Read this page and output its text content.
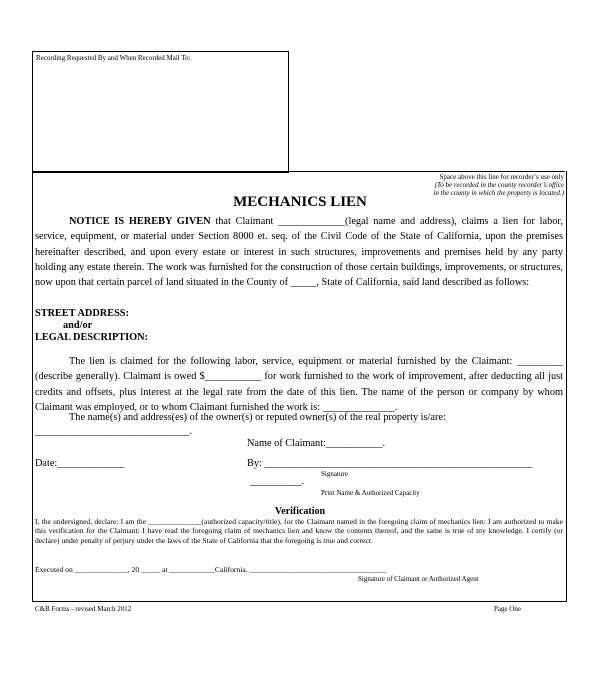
Recording Requested By and When Recorded Mail To:
Space above this line for recorder’s use only
(To be recorded in the county recorder’s office
in the county in which the property is located.)
MECHANICS LIEN
NOTICE IS HEREBY GIVEN that Claimant _____________(legal name and address), claims a lien for labor, service, equipment, or material under Section 8000 et. seq. of the Civil Code of the State of California, upon the premises hereinafter described, and upon every estate or interest in such structures, improvements and premises held by any party holding any estate therein. The work was furnished for the construction of those certain buildings, improvements, or structures, now upon that certain parcel of land situated in the County of _____, State of California, said land described as follows:
STREET ADDRESS:
and/or
LEGAL DESCRIPTION:
The lien is claimed for the following labor, service, equipment or material furnished by the Claimant: _________ (describe generally). Claimant is owed $___________ for work furnished to the work of improvement, after deducting all just credits and offsets, plus interest at the legal rate from the date of this lien. The name of the person or company by whom Claimant was employed, or to whom Claimant furnished the work is: ______________.
The name(s) and address(es) of the owner(s) or reputed owner(s) of the real property is/are:
______________________________.
Name of Claimant:___________.
Date:_____________	By: ____________________________________________________
Signature
__________.
Print Name & Authorized Capacity
Verification
I, the undersigned, declare: I am the ______________(authorized capacity/title), for the Claimant named in the foregoing claim of mechanics lien: I am authorized to make this verification for the Claimant: I have read the foregoing claim of mechanics lien and know the contents thereof, and the same is true of my knowledge. I certify (or declare) under penalty of perjury under the laws of the State of California that the foregoing is true and correct.
Executed on ______________, 20 _____ at ____________California. ____________________________________
Signature of Claimant or Authorized Agent
C&B Forms - revised March 2012	Page One
